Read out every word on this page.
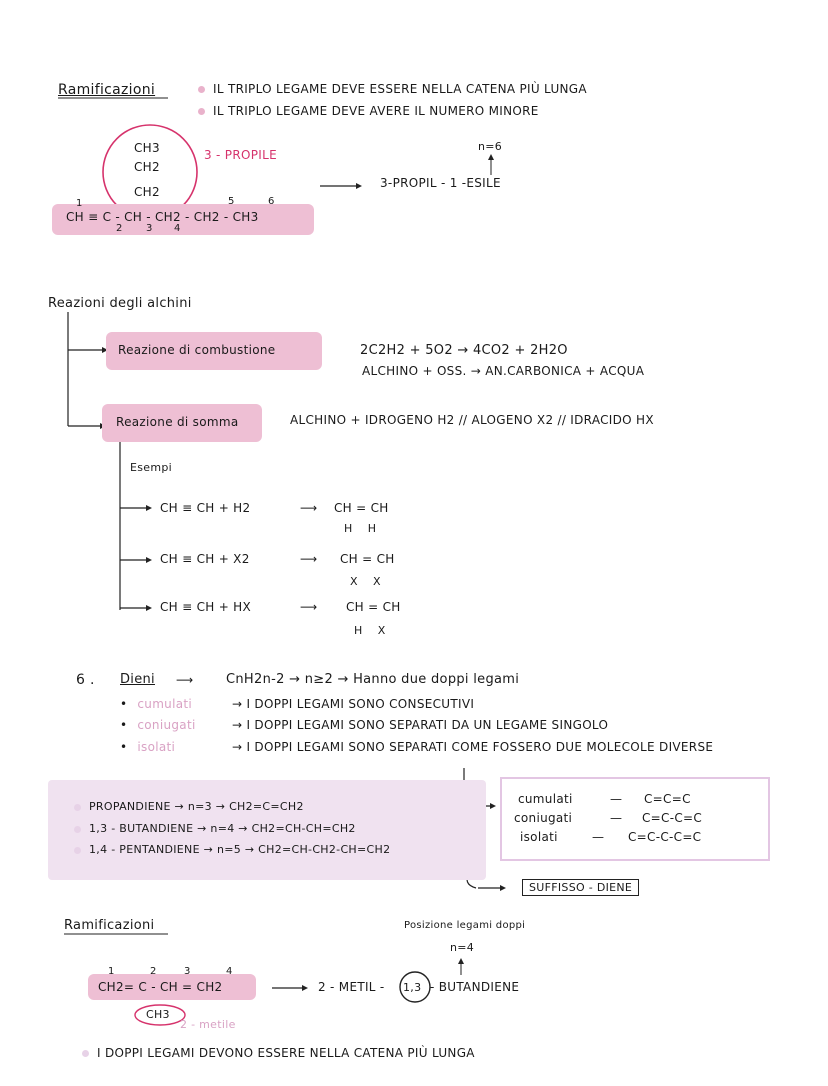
Ramificazioni	IL TRIPLO LEGAME DEVE ESSERE NELLA CATENA PIÙ LUNGA
IL TRIPLO LEGAME DEVE AVERE IL NUMERO MINORE
CH3
CH2
CH2
3 - PROPILE
1	5	6
CH ≡ C - CH - CH2 - CH2 - CH3
2 3 4
n=6
3-PROPIL - 1 -ESILE
Reazioni degli alchini
Reazione di combustione	2C2H2 + 5O2 → 4CO2 + 2H2O
ALCHINO + OSS. → AN.CARBONICA + ACQUA
Reazione di somma	ALCHINO + IDROGENO H2 // ALOGENO X2 // IDRACIDO HX
Esempi
CH ≡ CH + H2	⟶ CH = CH
H    H
CH ≡ CH + X2	⟶ CH = CH
X    X
CH ≡ CH + HX	⟶ CH = CH
H    X
6 . Dieni ⟶ CnH2n-2 → n≥2 → Hanno due doppi legami
• cumulati	→ I DOPPI LEGAMI SONO CONSECUTIVI
• coniugati	→ I DOPPI LEGAMI SONO SEPARATI DA UN LEGAME SINGOLO
• isolati	→ I DOPPI LEGAMI SONO SEPARATI COME FOSSERO DUE MOLECOLE DIVERSE
PROPANDIENE → n=3 → CH2=C=CH2
1,3 - BUTANDIENE → n=4 → CH2=CH-CH=CH2
1,4 - PENTANDIENE → n=5 → CH2=CH-CH2-CH=CH2
cumulati	— C=C=C
coniugati	— C=C-C=C
isolati	— C=C-C-C=C
SUFFISSO - DIENE
Ramificazioni	Posizione legami doppi
n=4
1	2	3	4
CH2= C - CH = CH2
CH3
2 - metile
2 - METIL - 1,3 - BUTANDIENE
I DOPPI LEGAMI DEVONO ESSERE NELLA CATENA PIÙ LUNGA
